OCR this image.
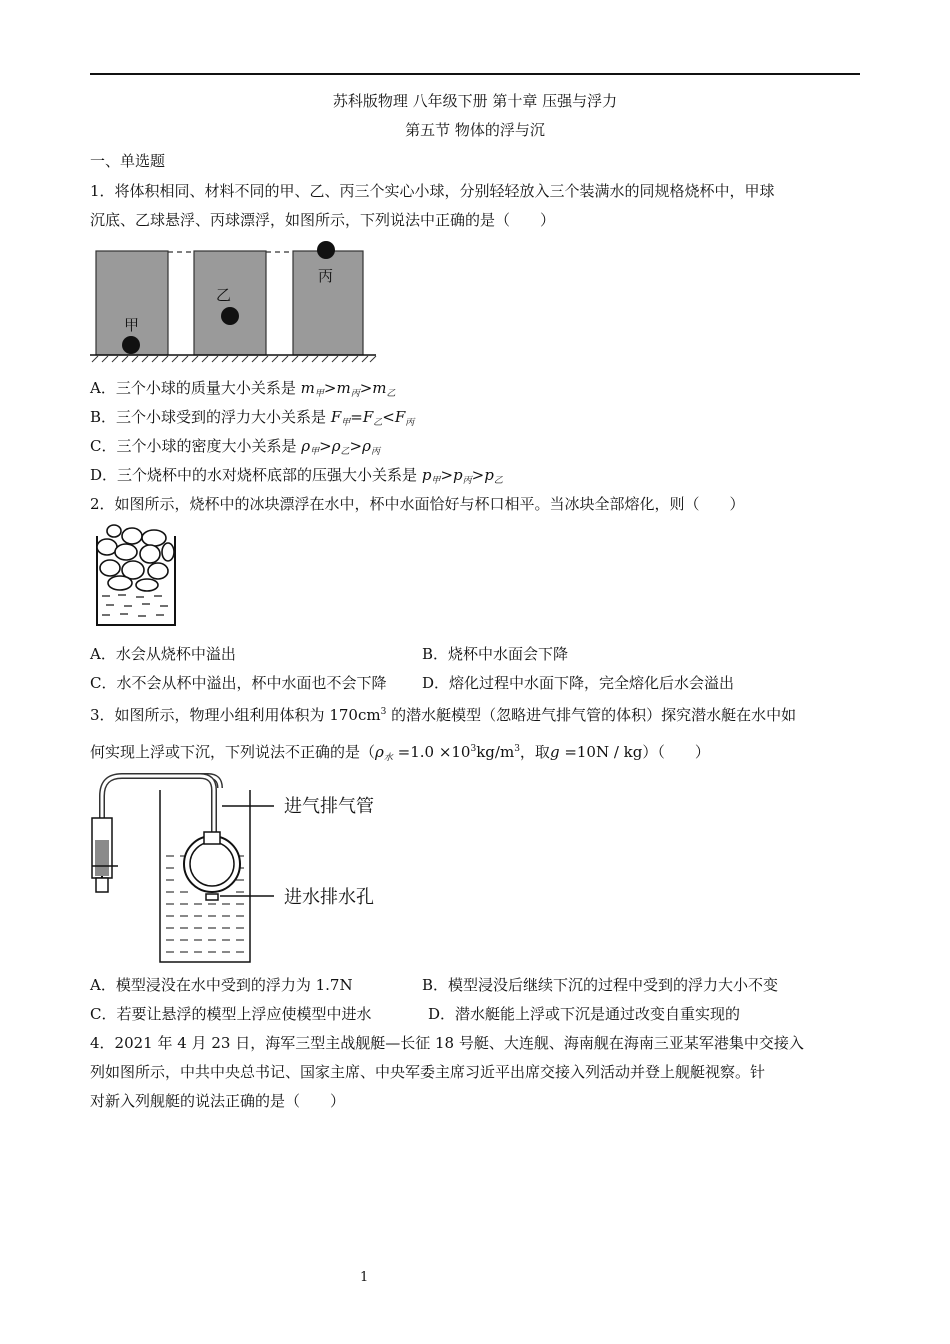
苏科版物理 八年级下册 第十章 压强与浮力
第五节 物体的浮与沉
一、单选题
1．将体积相同、材料不同的甲、乙、丙三个实心小球，分别轻轻放入三个装满水的同规格烧杯中，甲球
沉底、乙球悬浮、丙球漂浮，如图所示，下列说法中正确的是（　　）
甲
乙
丙
A．三个小球的质量大小关系是 $m_甲>m_丙>m_乙$
B．三个小球受到的浮力大小关系是 $F_甲=F_乙<F_丙$
C．三个小球的密度大小关系是 $\rho_甲>\rho_乙>\rho_丙$
D．三个烧杯中的水对烧杯底部的压强大小关系是 $p_甲>p_丙>p_乙$
2．如图所示，烧杯中的冰块漂浮在水中，杯中水面恰好与杯口相平。当冰块全部熔化，则（　　）
A．水会从烧杯中溢出	B．烧杯中水面会下降
C．水不会从杯中溢出，杯中水面也不会下降 D．熔化过程中水面下降，完全熔化后水会溢出
3．如图所示，物理小组利用体积为 $170cm^3$ 的潜水艇模型（忽略进气排气管的体积）探究潜水艇在水中如
何实现上浮或下沉，下列说法不正确的是（$\rho_水 =1.0 \times 10^3kg/m^3$，取g =10N / kg）（　　）
进气排气管
进水排水孔
A．模型浸没在水中受到的浮力为 1.7N	B．模型浸没后继续下沉的过程中受到的浮力大小不变
C．若要让悬浮的模型上浮应使模型中进水	D．潜水艇能上浮或下沉是通过改变自重实现的
4．2021 年 4 月 23 日，海军三型主战舰艇—长征 18 号艇、大连舰、海南舰在海南三亚某军港集中交接入
列如图所示，中共中央总书记、国家主席、中央军委主席习近平出席交接入列活动并登上舰艇视察。针
对新入列舰艇的说法正确的是（　　）
1
